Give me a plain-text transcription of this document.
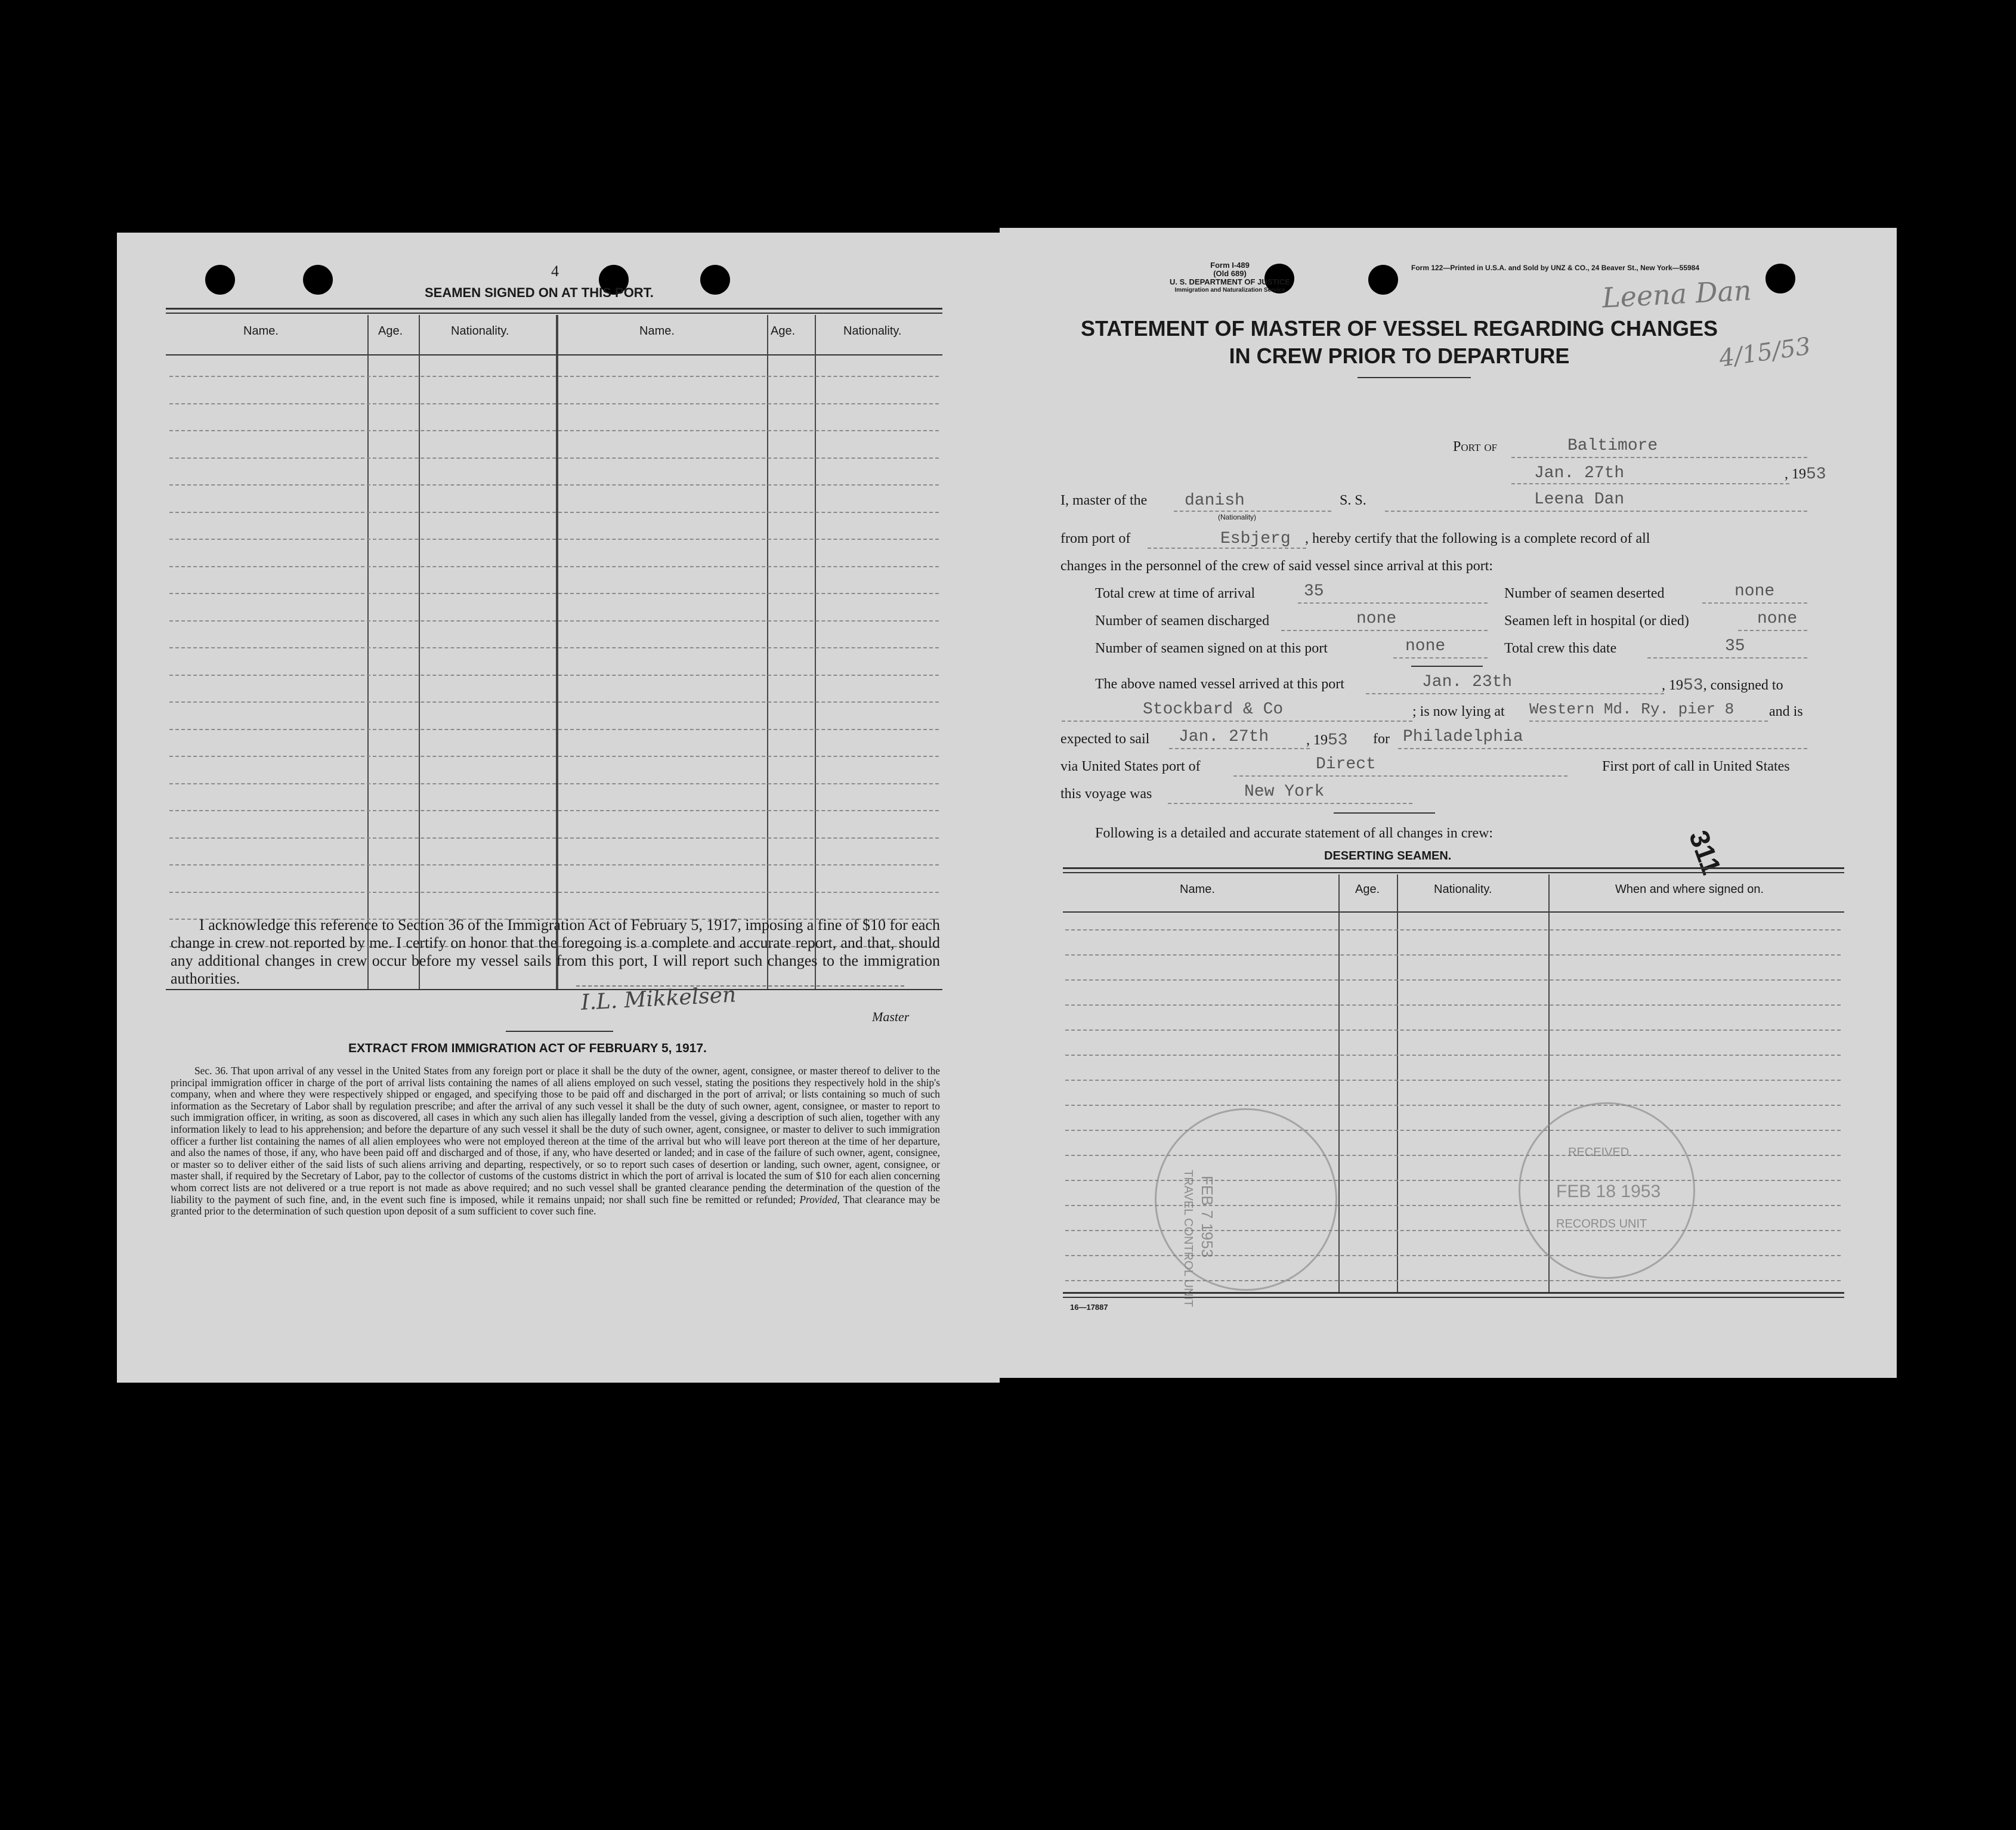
4
SEAMEN SIGNED ON AT THIS PORT.
Name.	Age.	Nationality.	Name.	Age.	Nationality.
I acknowledge this reference to Section 36 of the Immigration Act of February 5, 1917, imposing a fine of $10 for each change in crew not reported by me. I certify on honor that the foregoing is a complete and accurate report, and that, should any additional changes in crew occur before my vessel sails from this port, I will report such changes to the immigration authorities.
I.L. Mikkelsen
Master
EXTRACT FROM IMMIGRATION ACT OF FEBRUARY 5, 1917.
Sec. 36. That upon arrival of any vessel in the United States from any foreign port or place it shall be the duty of the owner, agent, consignee, or master thereof to deliver to the principal immigration officer in charge of the port of arrival lists containing the names of all aliens employed on such vessel, stating the positions they respectively hold in the ship's company, when and where they were respectively shipped or engaged, and specifying those to be paid off and discharged in the port of arrival; or lists containing so much of such information as the Secretary of Labor shall by regulation prescribe; and after the arrival of any such vessel it shall be the duty of such owner, agent, consignee, or master to report to such immigration officer, in writing, as soon as discovered, all cases in which any such alien has illegally landed from the vessel, giving a description of such alien, together with any information likely to lead to his apprehension; and before the departure of any such vessel it shall be the duty of such owner, agent, consignee, or master to deliver to such immigration officer a further list containing the names of all alien employees who were not employed thereon at the time of the arrival but who will leave port thereon at the time of her departure, and also the names of those, if any, who have been paid off and discharged and of those, if any, who have deserted or landed; and in case of the failure of such owner, agent, consignee, or master so to deliver either of the said lists of such aliens arriving and departing, respectively, or so to report such cases of desertion or landing, such owner, agent, consignee, or master shall, if required by the Secretary of Labor, pay to the collector of customs of the customs district in which the port of arrival is located the sum of $10 for each alien concerning whom correct lists are not delivered or a true report is not made as above required; and no such vessel shall be granted clearance pending the determination of the question of the liability to the payment of such fine, and, in the event such fine is imposed, while it remains unpaid; nor shall such fine be remitted or refunded; Provided, That clearance may be granted prior to the determination of such question upon deposit of a sum sufficient to cover such fine.
Form I-489
(Old 689)
U. S. DEPARTMENT OF JUSTICE
Immigration and Naturalization Service
Form 122—Printed in U.S.A. and Sold by UNZ & CO., 24 Beaver St., New York—55984
Leena Dan
4/15/53
STATEMENT OF MASTER OF VESSEL REGARDING CHANGES
IN CREW PRIOR TO DEPARTURE
Port of	Baltimore
Jan. 27th	, 1953
I, master of the danish
(Nationality)
S. S.	Leena Dan
from port of	Esbjerg , hereby certify that the following is a complete record of all
changes in the personnel of the crew of said vessel since arrival at this port:
Total crew at time of arrival	35	Number of seamen deserted	none
Number of seamen discharged	none	Seamen left in hospital (or died)	none
Number of seamen signed on at this port	none	Total crew this date	35
The above named vessel arrived at this port	Jan. 23th	, 1953, consigned to
Stockbard & Co	; is now lying at Western Md. Ry. pier 8 and is
expected to sail Jan. 27th	, 1953 for Philadelphia
via United States port of	Direct	First port of call in United States
this voyage was	New York
Following is a detailed and accurate statement of all changes in crew:
DESERTING SEAMEN.	311
Name.	Age.	Nationality.	When and where signed on.
FEB 7 1953
TRAVEL CONTROL UNIT
RECEIVED
FEB 18 1953
RECORDS UNIT
16—17887
